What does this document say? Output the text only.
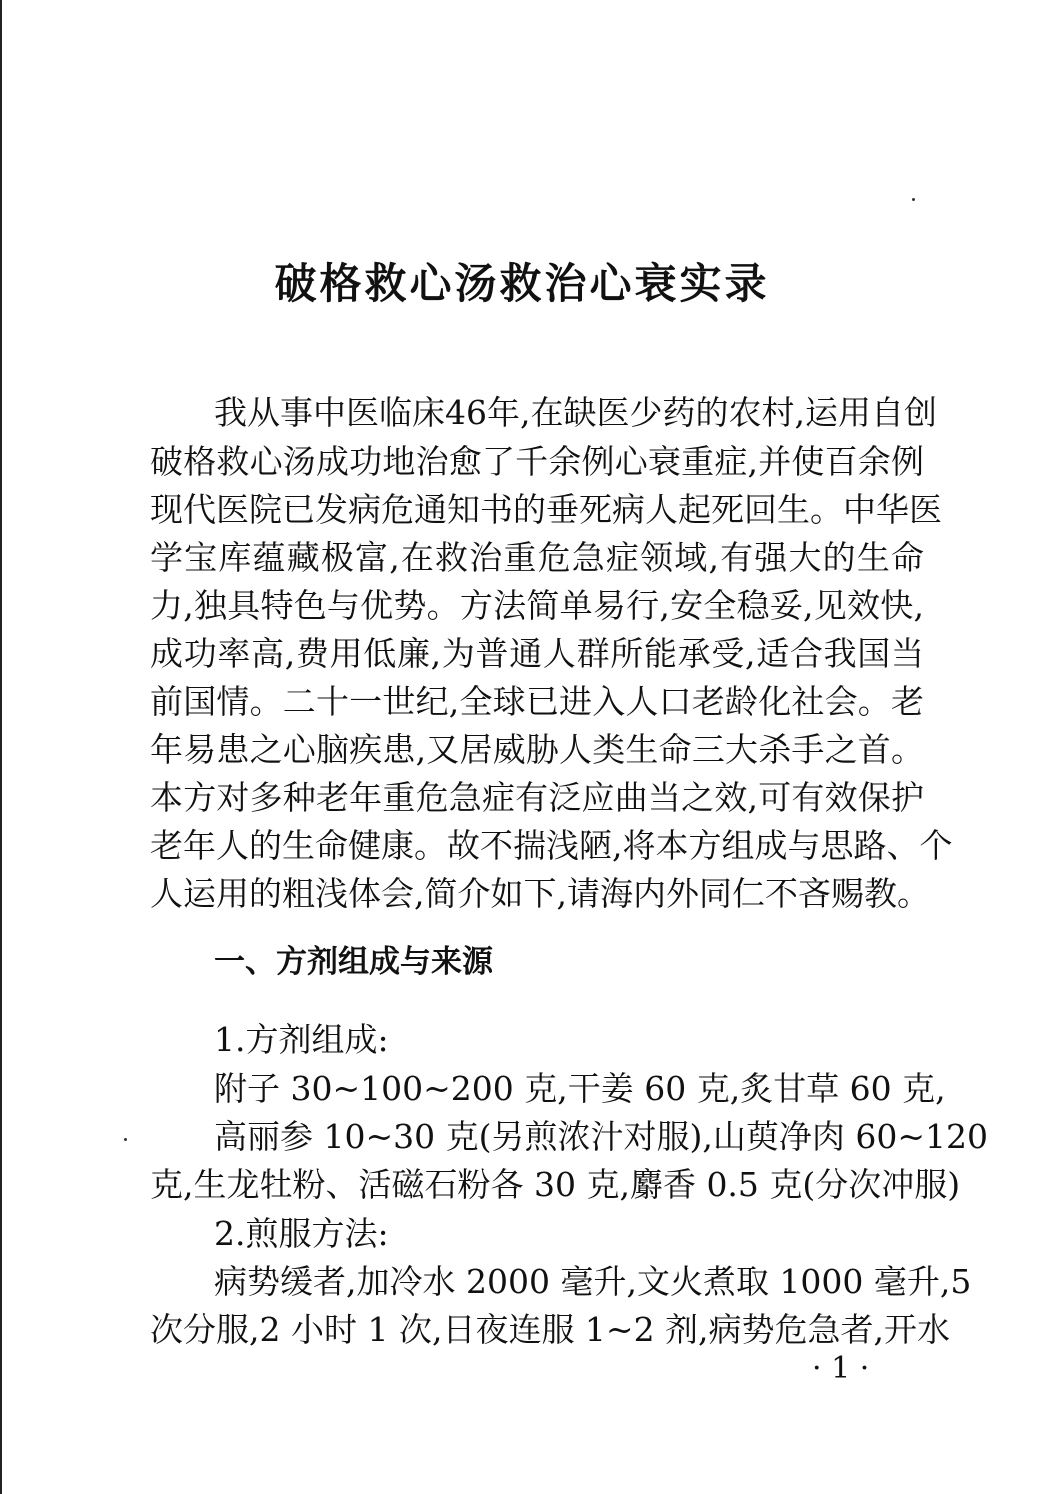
破格救心汤救治心衰实录
我从事中医临床46年,在缺医少药的农村,运用自创
破格救心汤成功地治愈了千余例心衰重症,并使百余例
现代医院已发病危通知书的垂死病人起死回生。中华医
学宝库蕴藏极富,在救治重危急症领域,有强大的生命
力,独具特色与优势。方法简单易行,安全稳妥,见效快,
成功率高,费用低廉,为普通人群所能承受,适合我国当
前国情。二十一世纪,全球已进入人口老龄化社会。老
年易患之心脑疾患,又居威胁人类生命三大杀手之首。
本方对多种老年重危急症有泛应曲当之效,可有效保护
老年人的生命健康。故不揣浅陋,将本方组成与思路、个
人运用的粗浅体会,简介如下,请海内外同仁不吝赐教。
一、方剂组成与来源
1.方剂组成:
附子 30~100~200 克,干姜 60 克,炙甘草 60 克,
高丽参 10~30 克(另煎浓汁对服),山萸净肉 60~120
克,生龙牡粉、活磁石粉各 30 克,麝香 0.5 克(分次冲服)
2.煎服方法:
病势缓者,加冷水 2000 毫升,文火煮取 1000 毫升,5
次分服,2 小时 1 次,日夜连服 1~2 剂,病势危急者,开水
· 1 ·
